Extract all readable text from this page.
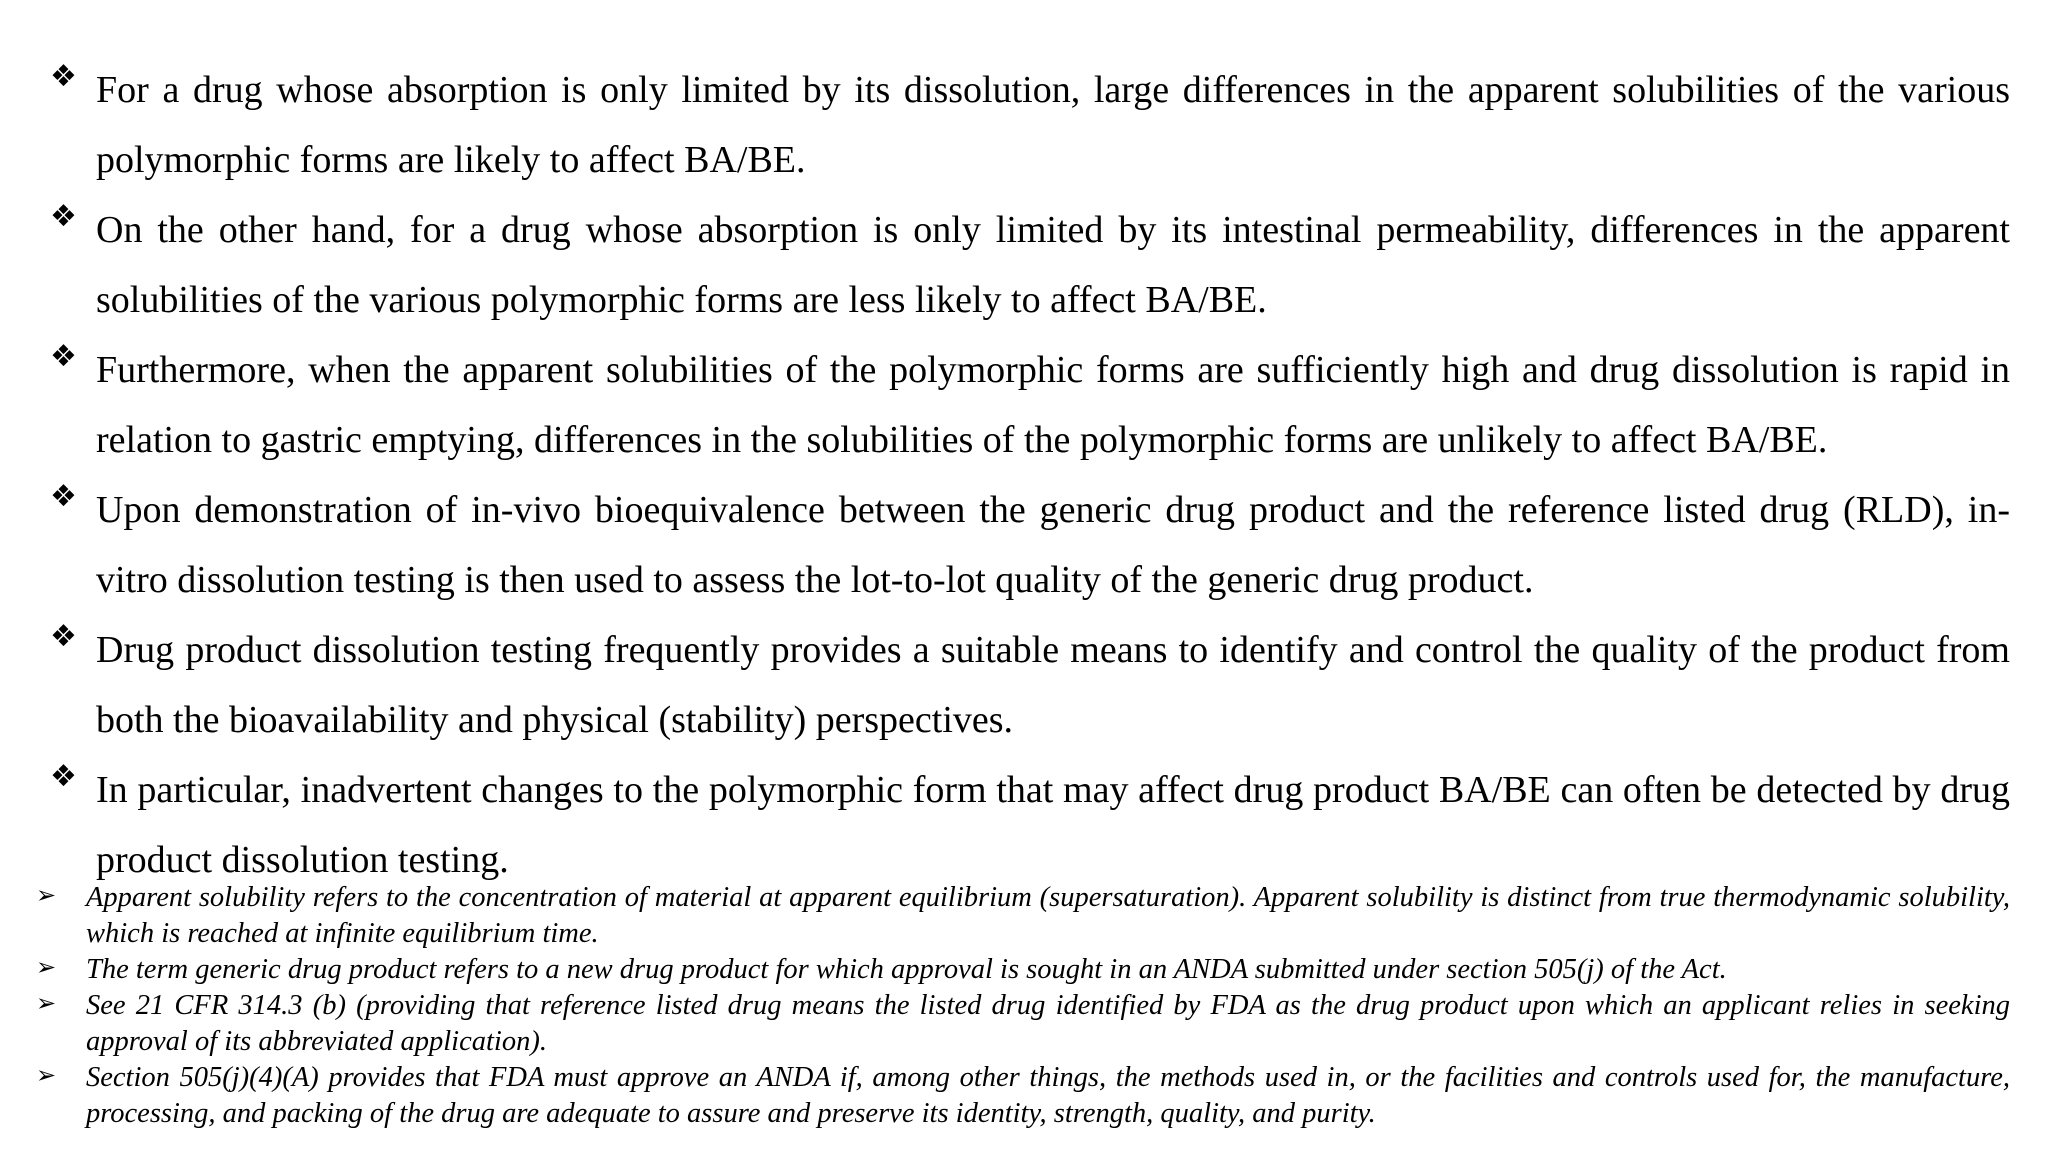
❖ For a drug whose absorption is only limited by its dissolution, large differences in the apparent solubilities of the various polymorphic forms are likely to affect BA/BE.
❖ On the other hand, for a drug whose absorption is only limited by its intestinal permeability, differences in the apparent solubilities of the various polymorphic forms are less likely to affect BA/BE.
❖ Furthermore, when the apparent solubilities of the polymorphic forms are sufficiently high and drug dissolution is rapid in relation to gastric emptying, differences in the solubilities of the polymorphic forms are unlikely to affect BA/BE.
❖ Upon demonstration of in-vivo bioequivalence between the generic drug product and the reference listed drug (RLD), in-vitro dissolution testing is then used to assess the lot-to-lot quality of the generic drug product.
❖ Drug product dissolution testing frequently provides a suitable means to identify and control the quality of the product from both the bioavailability and physical (stability) perspectives.
❖ In particular, inadvertent changes to the polymorphic form that may affect drug product BA/BE can often be detected by drug product dissolution testing.
➢ Apparent solubility refers to the concentration of material at apparent equilibrium (supersaturation). Apparent solubility is distinct from true thermodynamic solubility, which is reached at infinite equilibrium time.
➢ The term generic drug product refers to a new drug product for which approval is sought in an ANDA submitted under section 505(j) of the Act.
➢ See 21 CFR 314.3 (b) (providing that reference listed drug means the listed drug identified by FDA as the drug product upon which an applicant relies in seeking approval of its abbreviated application).
➢ Section 505(j)(4)(A) provides that FDA must approve an ANDA if, among other things, the methods used in, or the facilities and controls used for, the manufacture, processing, and packing of the drug are adequate to assure and preserve its identity, strength, quality, and purity.
